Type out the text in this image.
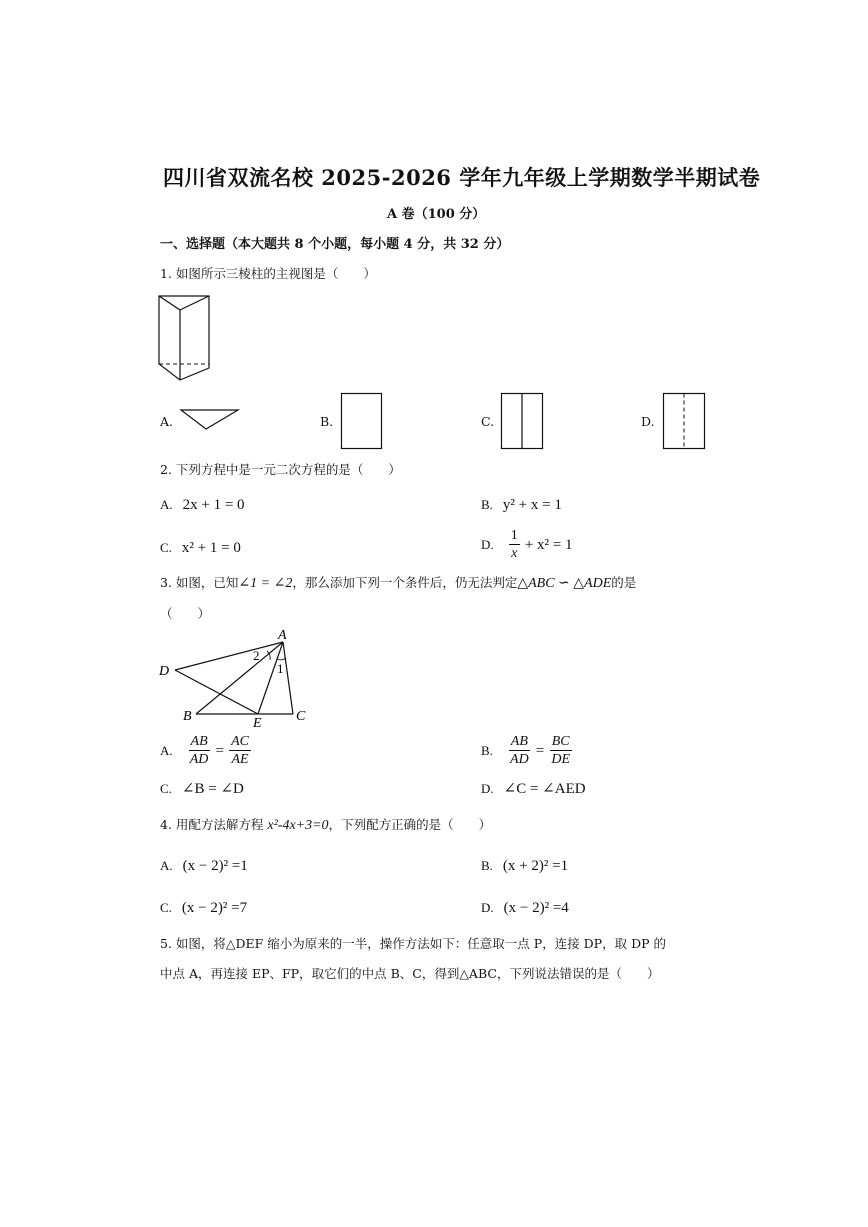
四川省双流名校 2025-2026 学年九年级上学期数学半期试卷
A 卷（100 分）
一、选择题（本大题共 8 个小题，每小题 4 分，共 32 分）
1. 如图所示三棱柱的主视图是（　　）
A.	B.	C.	D.
2. 下列方程中是一元二次方程的是（　　）
A. 2x + 1 = 0	B. y² + x = 1
C. x² + 1 = 0	D. $\frac{1}{x} + x^2 = 1$
3. 如图，已知∠1 = ∠2，那么添加下列一个条件后，仍无法判定△ABC ∽ △ADE的是
（　　）
A
D
B	E C
1
2
A. $\frac{AB}{AD} = \frac{AC}{AE}$	B. $\frac{AB}{AD} = \frac{BC}{DE}$
C. ∠B = ∠D	D. ∠C = ∠AED
4. 用配方法解方程 x²-4x+3=0，下列配方正确的是（　　）
A. (x − 2)² =1	B. (x + 2)² =1
C. (x − 2)² =7	D. (x − 2)² =4
5. 如图，将△DEF 缩小为原来的一半，操作方法如下：任意取一点 P，连接 DP，取 DP 的
中点 A，再连接 EP、FP，取它们的中点 B、C，得到△ABC，下列说法错误的是（　　）
